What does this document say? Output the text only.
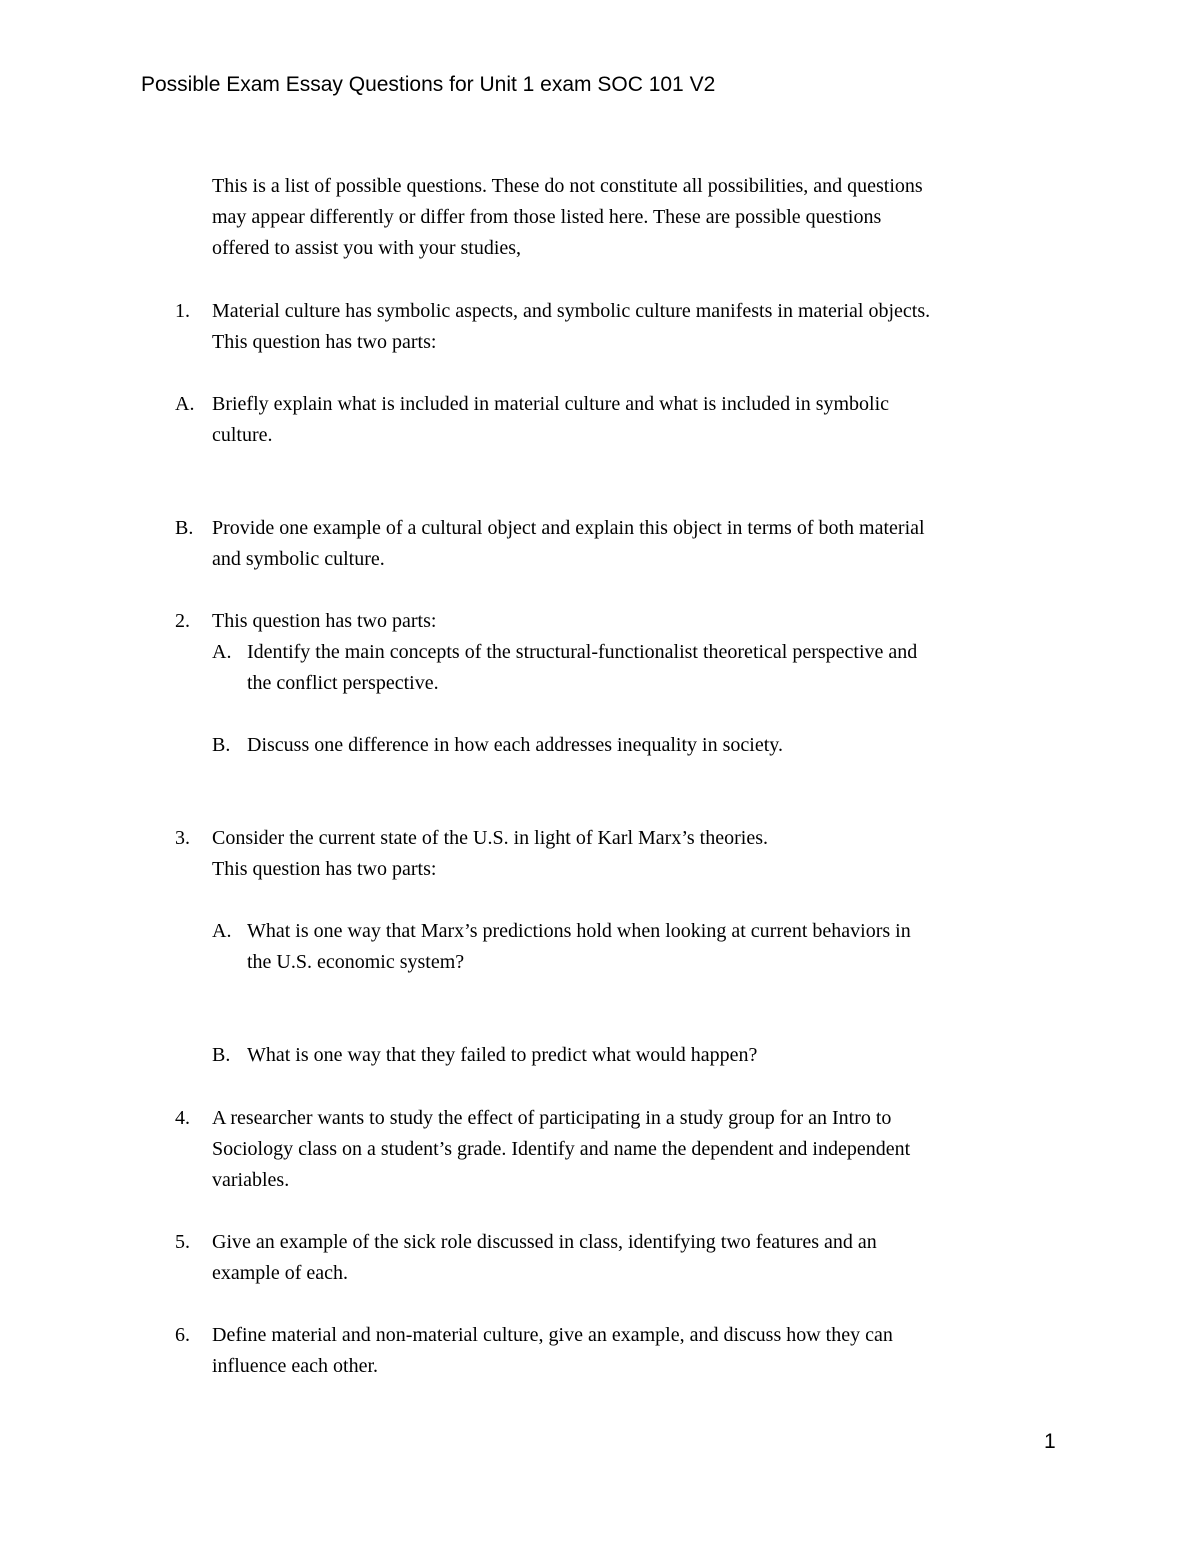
Possible Exam Essay Questions for Unit 1 exam SOC 101 V2
This is a list of possible questions. These do not constitute all possibilities, and questions
may appear differently or differ from those listed here. These are possible questions
offered to assist you with your studies,
1. Material culture has symbolic aspects, and symbolic culture manifests in material objects.
This question has two parts:
A. Briefly explain what is included in material culture and what is included in symbolic
culture.
B. Provide one example of a cultural object and explain this object in terms of both material
and symbolic culture.
2. This question has two parts:
A. Identify the main concepts of the structural-functionalist theoretical perspective and
the conflict perspective.
B. Discuss one difference in how each addresses inequality in society.
3. Consider the current state of the U.S. in light of Karl Marx’s theories.
This question has two parts:
A. What is one way that Marx’s predictions hold when looking at current behaviors in
the U.S. economic system?
B. What is one way that they failed to predict what would happen?
4. A researcher wants to study the effect of participating in a study group for an Intro to
Sociology class on a student’s grade. Identify and name the dependent and independent
variables.
5. Give an example of the sick role discussed in class, identifying two features and an
example of each.
6. Define material and non-material culture, give an example, and discuss how they can
influence each other.
1
